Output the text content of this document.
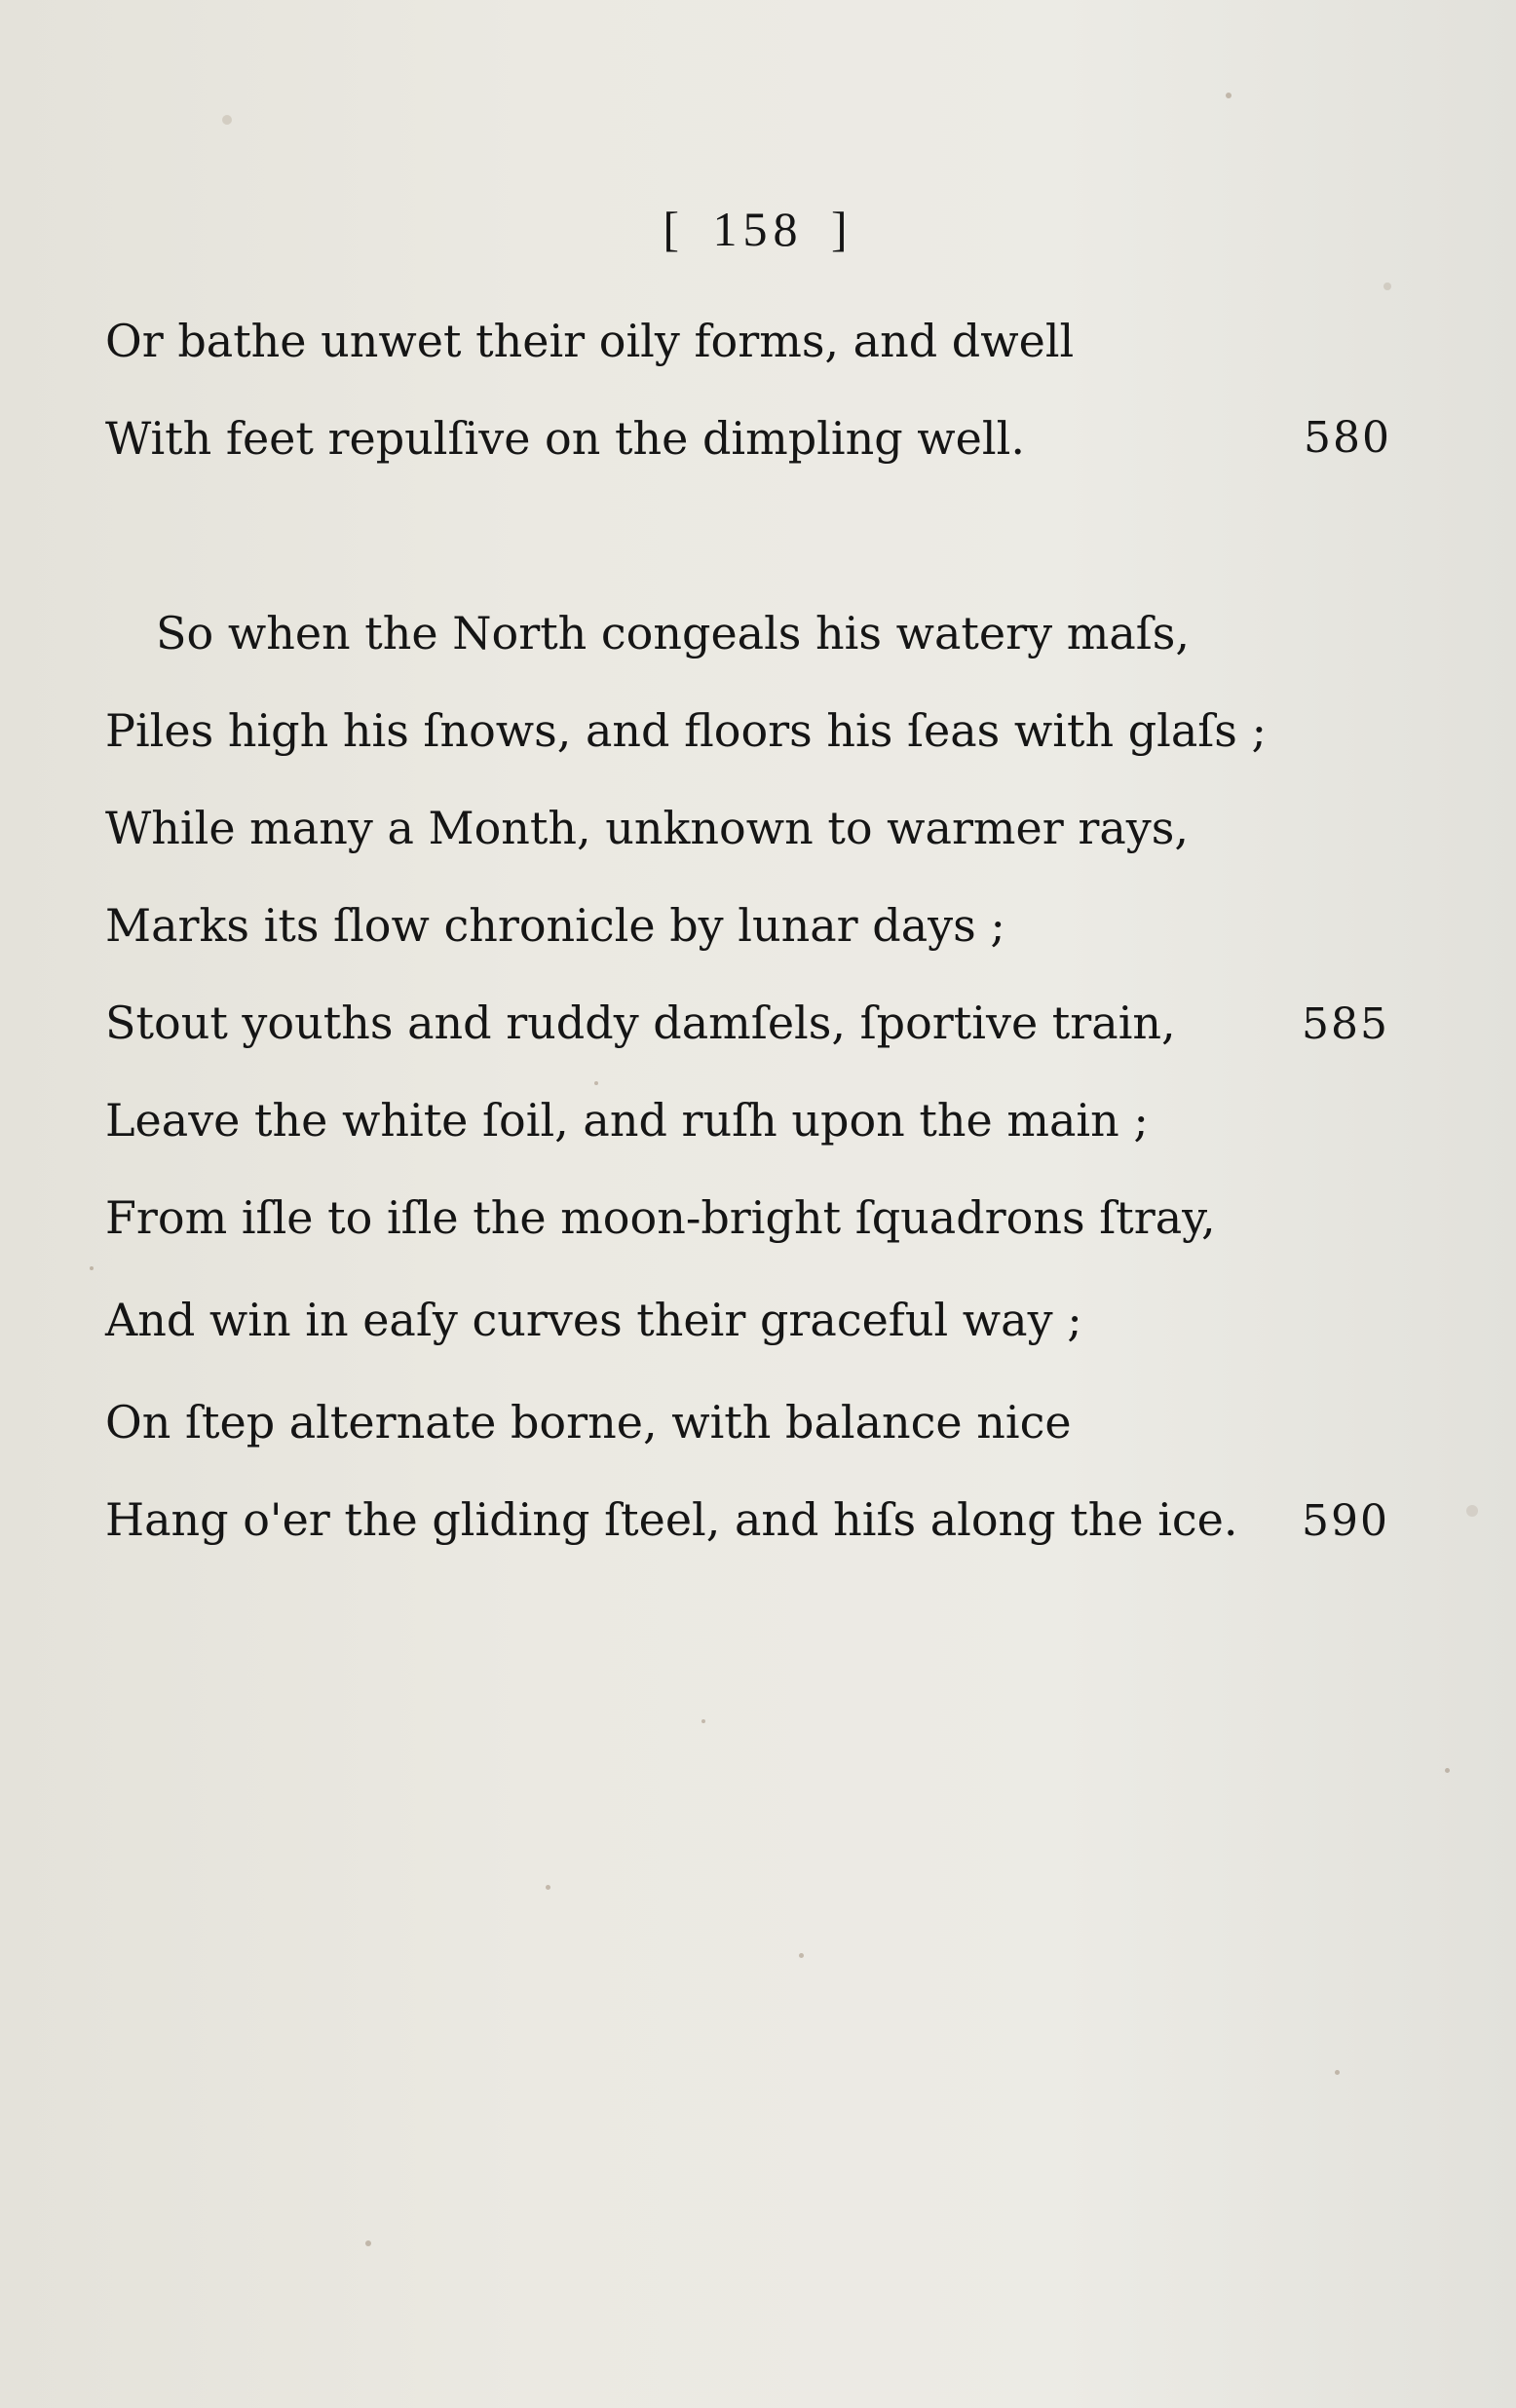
[ 158 ]
Or bathe unwet their oily forms, and dwell
With feet repulſive on the dimpling well.	580
So when the North congeals his watery maſs,
Piles high his ſnows, and floors his ſeas with glaſs ;
While many a Month, unknown to warmer rays,
Marks its ſlow chronicle by lunar days ;
Stout youths and ruddy damſels, ſportive train,	585
Leave the white ſoil, and ruſh upon the main ;
From iſle to iſle the moon-bright ſquadrons ſtray,
And win in eaſy curves their graceful way ;
On ſtep alternate borne, with balance nice
Hang o'er the gliding ſteel, and hiſs along the ice.	590
